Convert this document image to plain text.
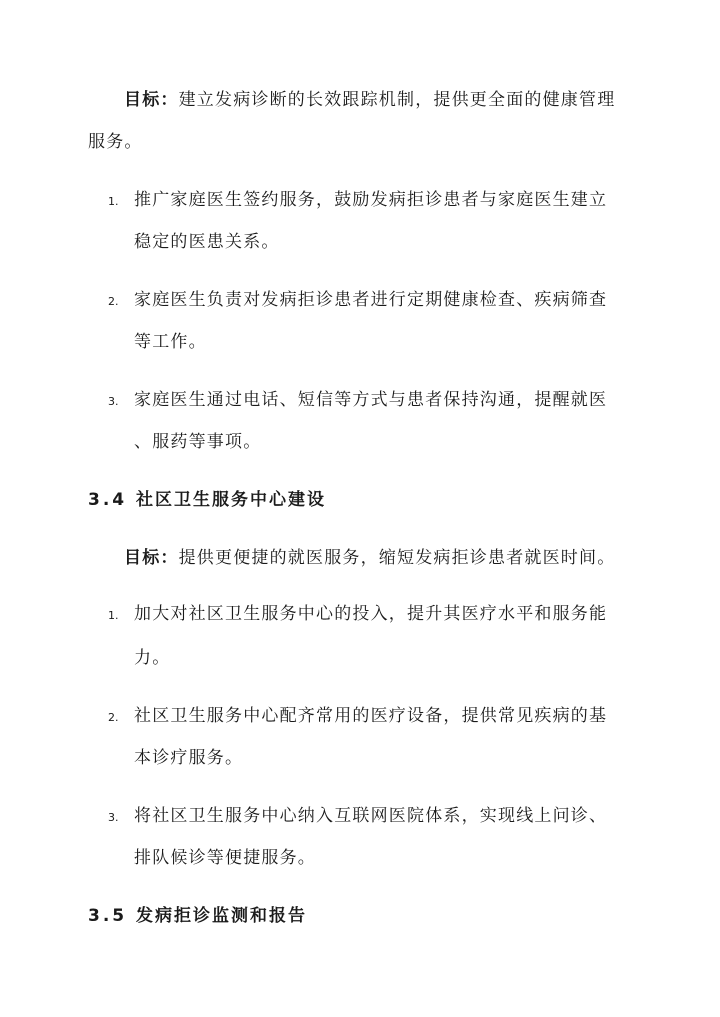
目标：建立发病诊断的长效跟踪机制，提供更全面的健康管理
服务。
1. 推广家庭医生签约服务，鼓励发病拒诊患者与家庭医生建立
稳定的医患关系。
2. 家庭医生负责对发病拒诊患者进行定期健康检查、疾病筛查
等工作。
3. 家庭医生通过电话、短信等方式与患者保持沟通，提醒就医
、服药等事项。
3.4 社区卫生服务中心建设
目标：提供更便捷的就医服务，缩短发病拒诊患者就医时间。
1. 加大对社区卫生服务中心的投入，提升其医疗水平和服务能
力。
2. 社区卫生服务中心配齐常用的医疗设备，提供常见疾病的基
本诊疗服务。
3. 将社区卫生服务中心纳入互联网医院体系，实现线上问诊、
排队候诊等便捷服务。
3.5 发病拒诊监测和报告
